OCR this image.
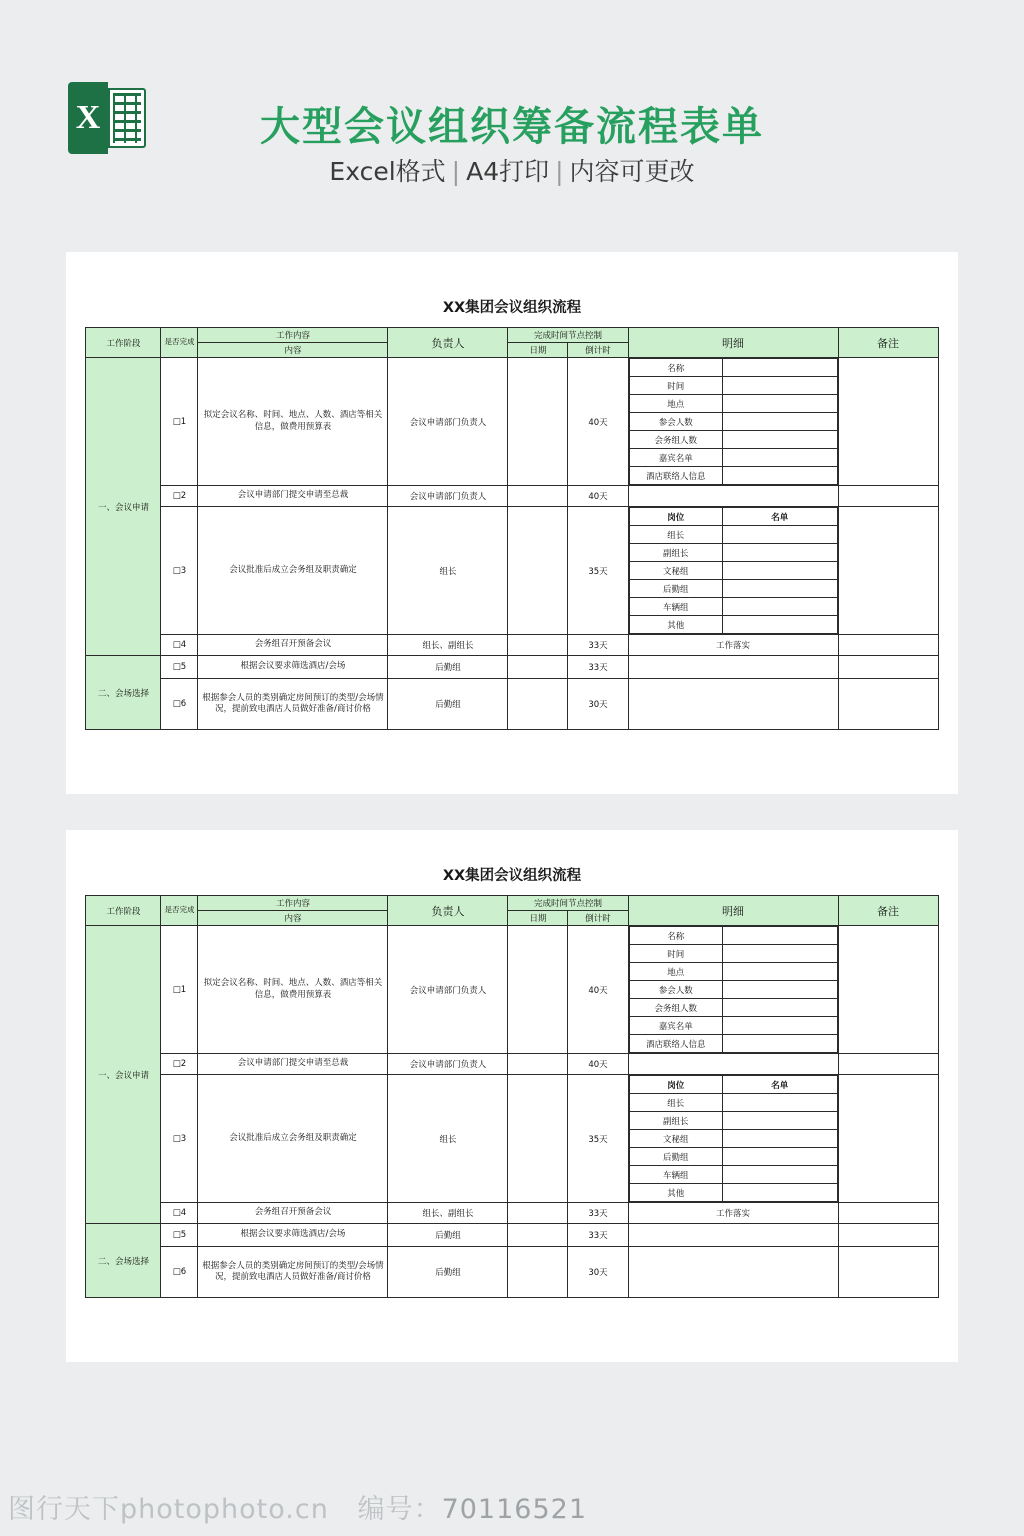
X	大型会议组织筹备流程表单
Excel格式 | A4打印 | 内容可更改
XX集团会议组织流程
工作阶段	是否完成	工作内容	负责人	完成时间节点控制	明细	备注
内容	日期	倒计时
一、会议申请	□1	拟定会议名称、时间、地点、人数、酒店等相关信息，做费用预算表	会议申请部门负责人		40天	
名称	
时间	
地点	
参会人数	
会务组人数	
嘉宾名单	
酒店联络人信息	

□2	会议申请部门提交申请至总裁	会议申请部门负责人		40天		
□3	会议批准后成立会务组及职责确定	组长		35天	
岗位	名单
组长	
副组长	
文秘组	
后勤组	
车辆组	
其他	

□4	会务组召开预备会议	组长、副组长		33天	工作落实	
二、会场选择	□5	根据会议要求筛选酒店/会场	后勤组		33天		
□6	根据参会人员的类别确定房间预订的类型/会场情况，提前致电酒店人员做好准备/商讨价格	后勤组		30天		
XX集团会议组织流程
工作阶段	是否完成	工作内容	负责人	完成时间节点控制	明细	备注
内容	日期	倒计时
一、会议申请	□1	拟定会议名称、时间、地点、人数、酒店等相关信息，做费用预算表	会议申请部门负责人		40天	
名称	
时间	
地点	
参会人数	
会务组人数	
嘉宾名单	
酒店联络人信息	

□2	会议申请部门提交申请至总裁	会议申请部门负责人		40天		
□3	会议批准后成立会务组及职责确定	组长		35天	
岗位	名单
组长	
副组长	
文秘组	
后勤组	
车辆组	
其他	

□4	会务组召开预备会议	组长、副组长		33天	工作落实	
二、会场选择	□5	根据会议要求筛选酒店/会场	后勤组		33天		
□6	根据参会人员的类别确定房间预订的类型/会场情况，提前致电酒店人员做好准备/商讨价格	后勤组		30天		
图行天下photophoto.cn 编号：70116521
